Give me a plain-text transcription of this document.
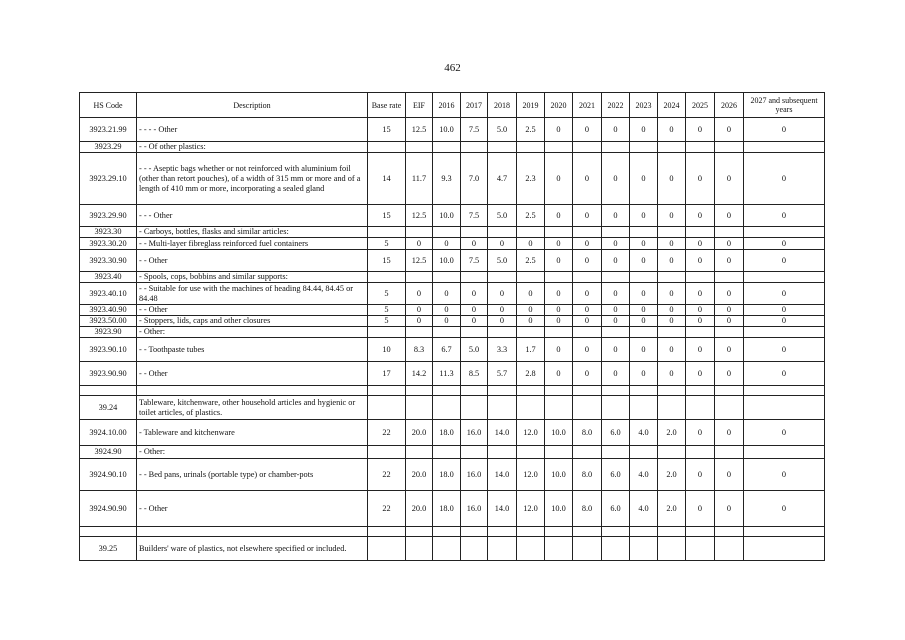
462
HS Code	Description	Base rate	EIF	2016	2017	2018	2019	2020	2021	2022	2023	2024	2025	2026	2027 and subsequent years
3923.21.99	- - - - Other	15	12.5	10.0	7.5	5.0	2.5	0	0	0	0	0	0	0	0
3923.29	- - Of other plastics:														
3923.29.10	- - - Aseptic bags whether or not reinforced with aluminium foil (other than retort pouches), of a width of 315 mm or more and of a length of 410 mm or more, incorporating a sealed gland	14	11.7	9.3	7.0	4.7	2.3	0	0	0	0	0	0	0	0
3923.29.90	- - - Other	15	12.5	10.0	7.5	5.0	2.5	0	0	0	0	0	0	0	0
3923.30	- Carboys, bottles, flasks and similar articles:														
3923.30.20	- - Multi-layer fibreglass reinforced fuel containers	5	0	0	0	0	0	0	0	0	0	0	0	0	0
3923.30.90	- - Other	15	12.5	10.0	7.5	5.0	2.5	0	0	0	0	0	0	0	0
3923.40	- Spools, cops, bobbins and similar supports:														
3923.40.10	- - Suitable for use with the machines of heading 84.44, 84.45 or 84.48	5	0	0	0	0	0	0	0	0	0	0	0	0	0
3923.40.90	- - Other	5	0	0	0	0	0	0	0	0	0	0	0	0	0
3923.50.00	- Stoppers, lids, caps and other closures	5	0	0	0	0	0	0	0	0	0	0	0	0	0
3923.90	- Other:														
3923.90.10	- - Toothpaste tubes	10	8.3	6.7	5.0	3.3	1.7	0	0	0	0	0	0	0	0
3923.90.90	- - Other	17	14.2	11.3	8.5	5.7	2.8	0	0	0	0	0	0	0	0

39.24	Tableware, kitchenware, other household articles and hygienic or toilet articles, of plastics.														
3924.10.00	- Tableware and kitchenware	22	20.0	18.0	16.0	14.0	12.0	10.0	8.0	6.0	4.0	2.0	0	0	0
3924.90	- Other:														
3924.90.10	- - Bed pans, urinals (portable type) or chamber-pots	22	20.0	18.0	16.0	14.0	12.0	10.0	8.0	6.0	4.0	2.0	0	0	0
3924.90.90	- - Other	22	20.0	18.0	16.0	14.0	12.0	10.0	8.0	6.0	4.0	2.0	0	0	0

39.25	Builders' ware of plastics, not elsewhere specified or included.														
